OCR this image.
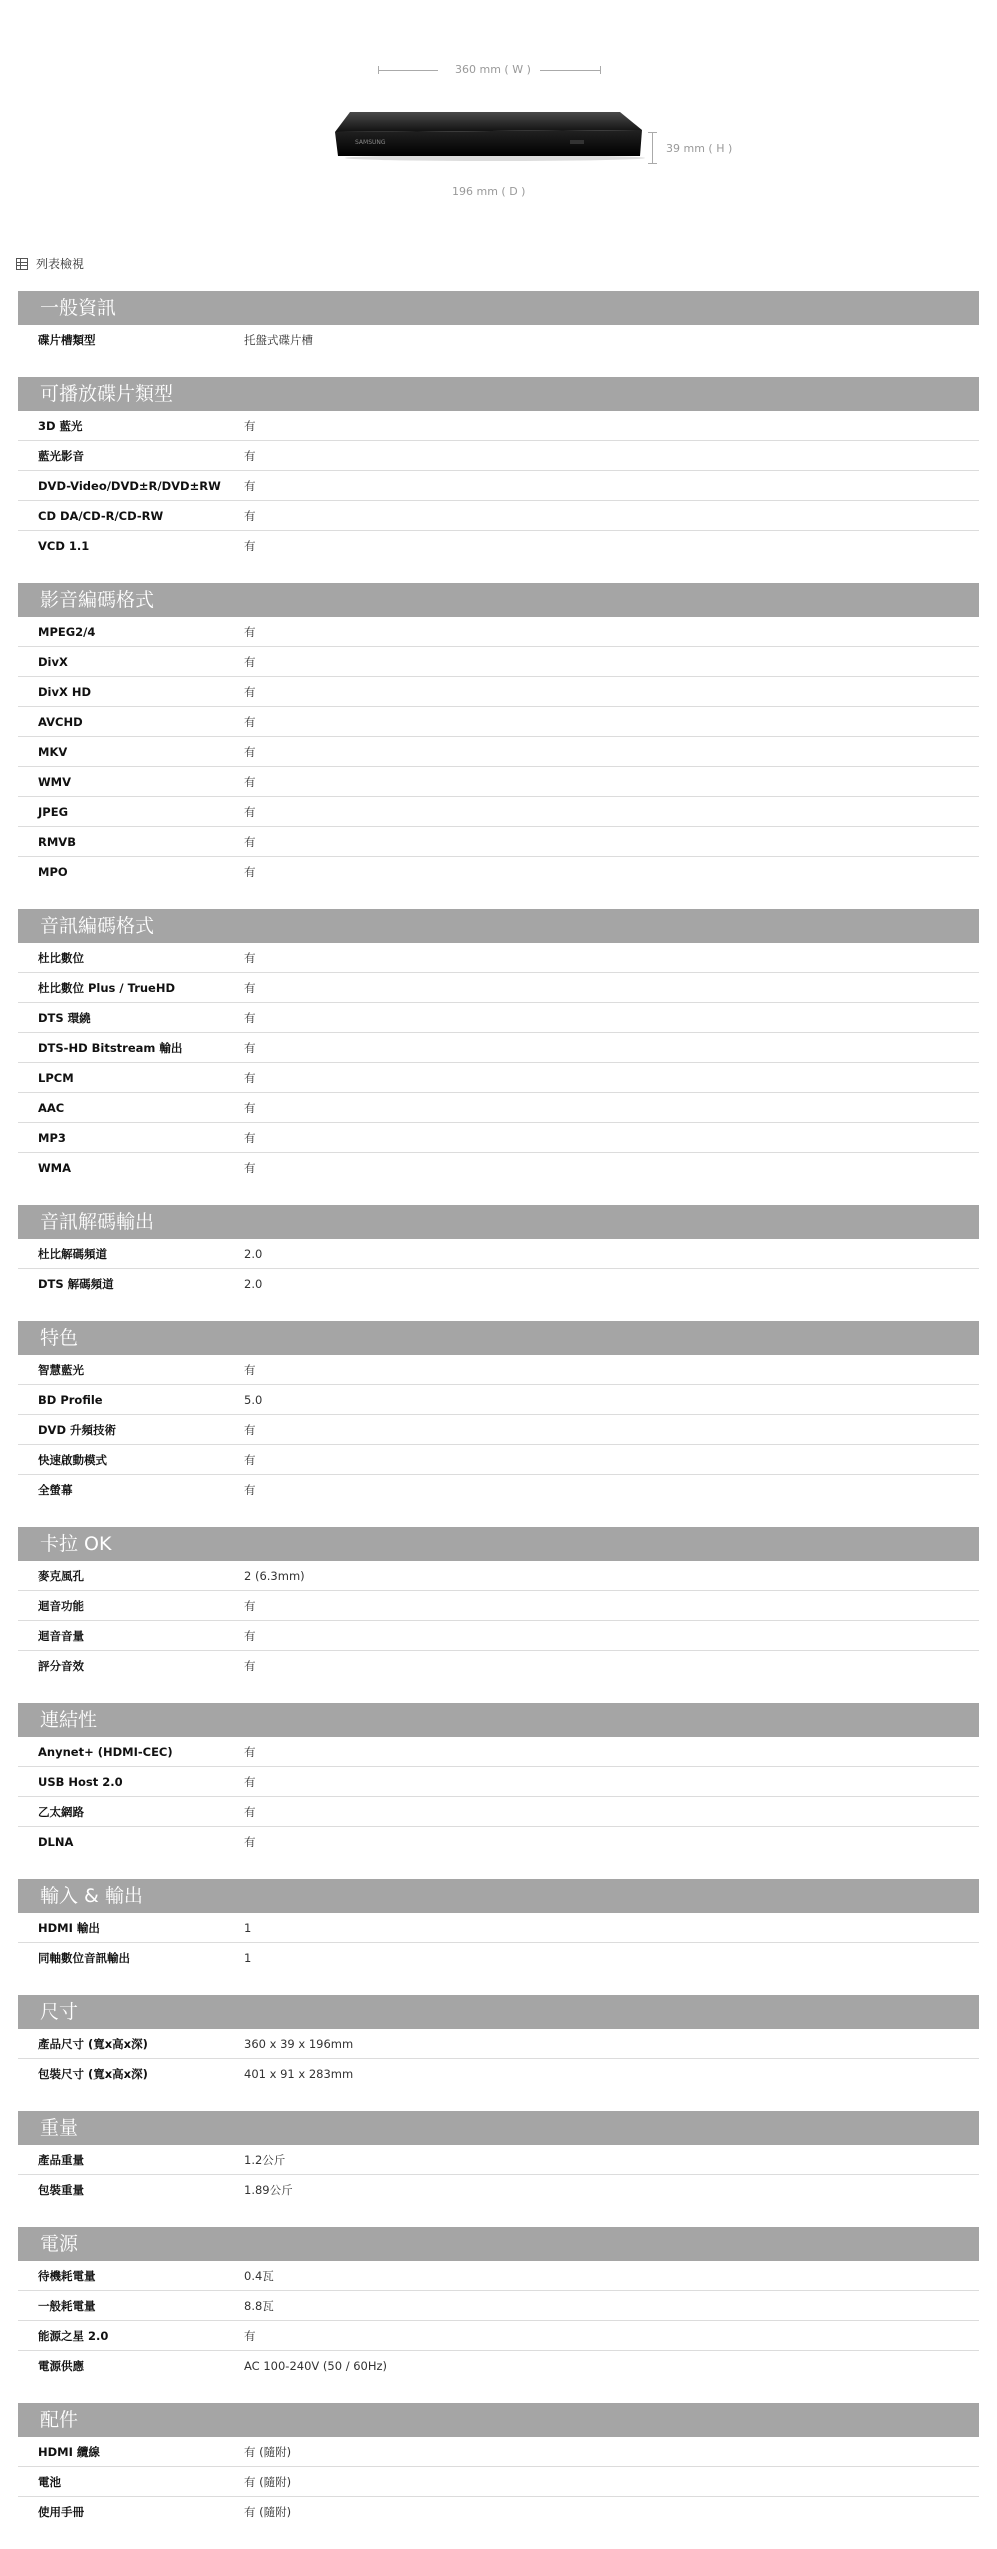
360 mm ( W )
SAMSUNG	39 mm ( H )
196 mm ( D )
列表檢視
一般資訊
碟片槽類型	托盤式碟片槽
可播放碟片類型
3D 藍光	有
藍光影音	有
DVD-Video/DVD±R/DVD±RW	有
CD DA/CD-R/CD-RW	有
VCD 1.1	有
影音編碼格式
MPEG2/4	有
DivX	有
DivX HD	有
AVCHD	有
MKV	有
WMV	有
JPEG	有
RMVB	有
MPO	有
音訊編碼格式
杜比數位	有
杜比數位 Plus / TrueHD	有
DTS 環繞	有
DTS-HD Bitstream 輸出	有
LPCM	有
AAC	有
MP3	有
WMA	有
音訊解碼輸出
杜比解碼頻道	2.0
DTS 解碼頻道	2.0
特色
智慧藍光	有
BD Profile	5.0
DVD 升頻技術	有
快速啟動模式	有
全螢幕	有
卡拉 OK
麥克風孔	2 (6.3mm)
迴音功能	有
迴音音量	有
評分音效	有
連結性
Anynet+ (HDMI-CEC)	有
USB Host 2.0	有
乙太網路	有
DLNA	有
輸入 & 輸出
HDMI 輸出	1
同軸數位音訊輸出	1
尺寸
產品尺寸 (寬x高x深)	360 x 39 x 196mm
包裝尺寸 (寬x高x深)	401 x 91 x 283mm
重量
產品重量	1.2公斤
包裝重量	1.89公斤
電源
待機耗電量	0.4瓦
一般耗電量	8.8瓦
能源之星 2.0	有
電源供應	AC 100-240V (50 / 60Hz)
配件
HDMI 纜線	有 (隨附)
電池	有 (隨附)
使用手冊	有 (隨附)
